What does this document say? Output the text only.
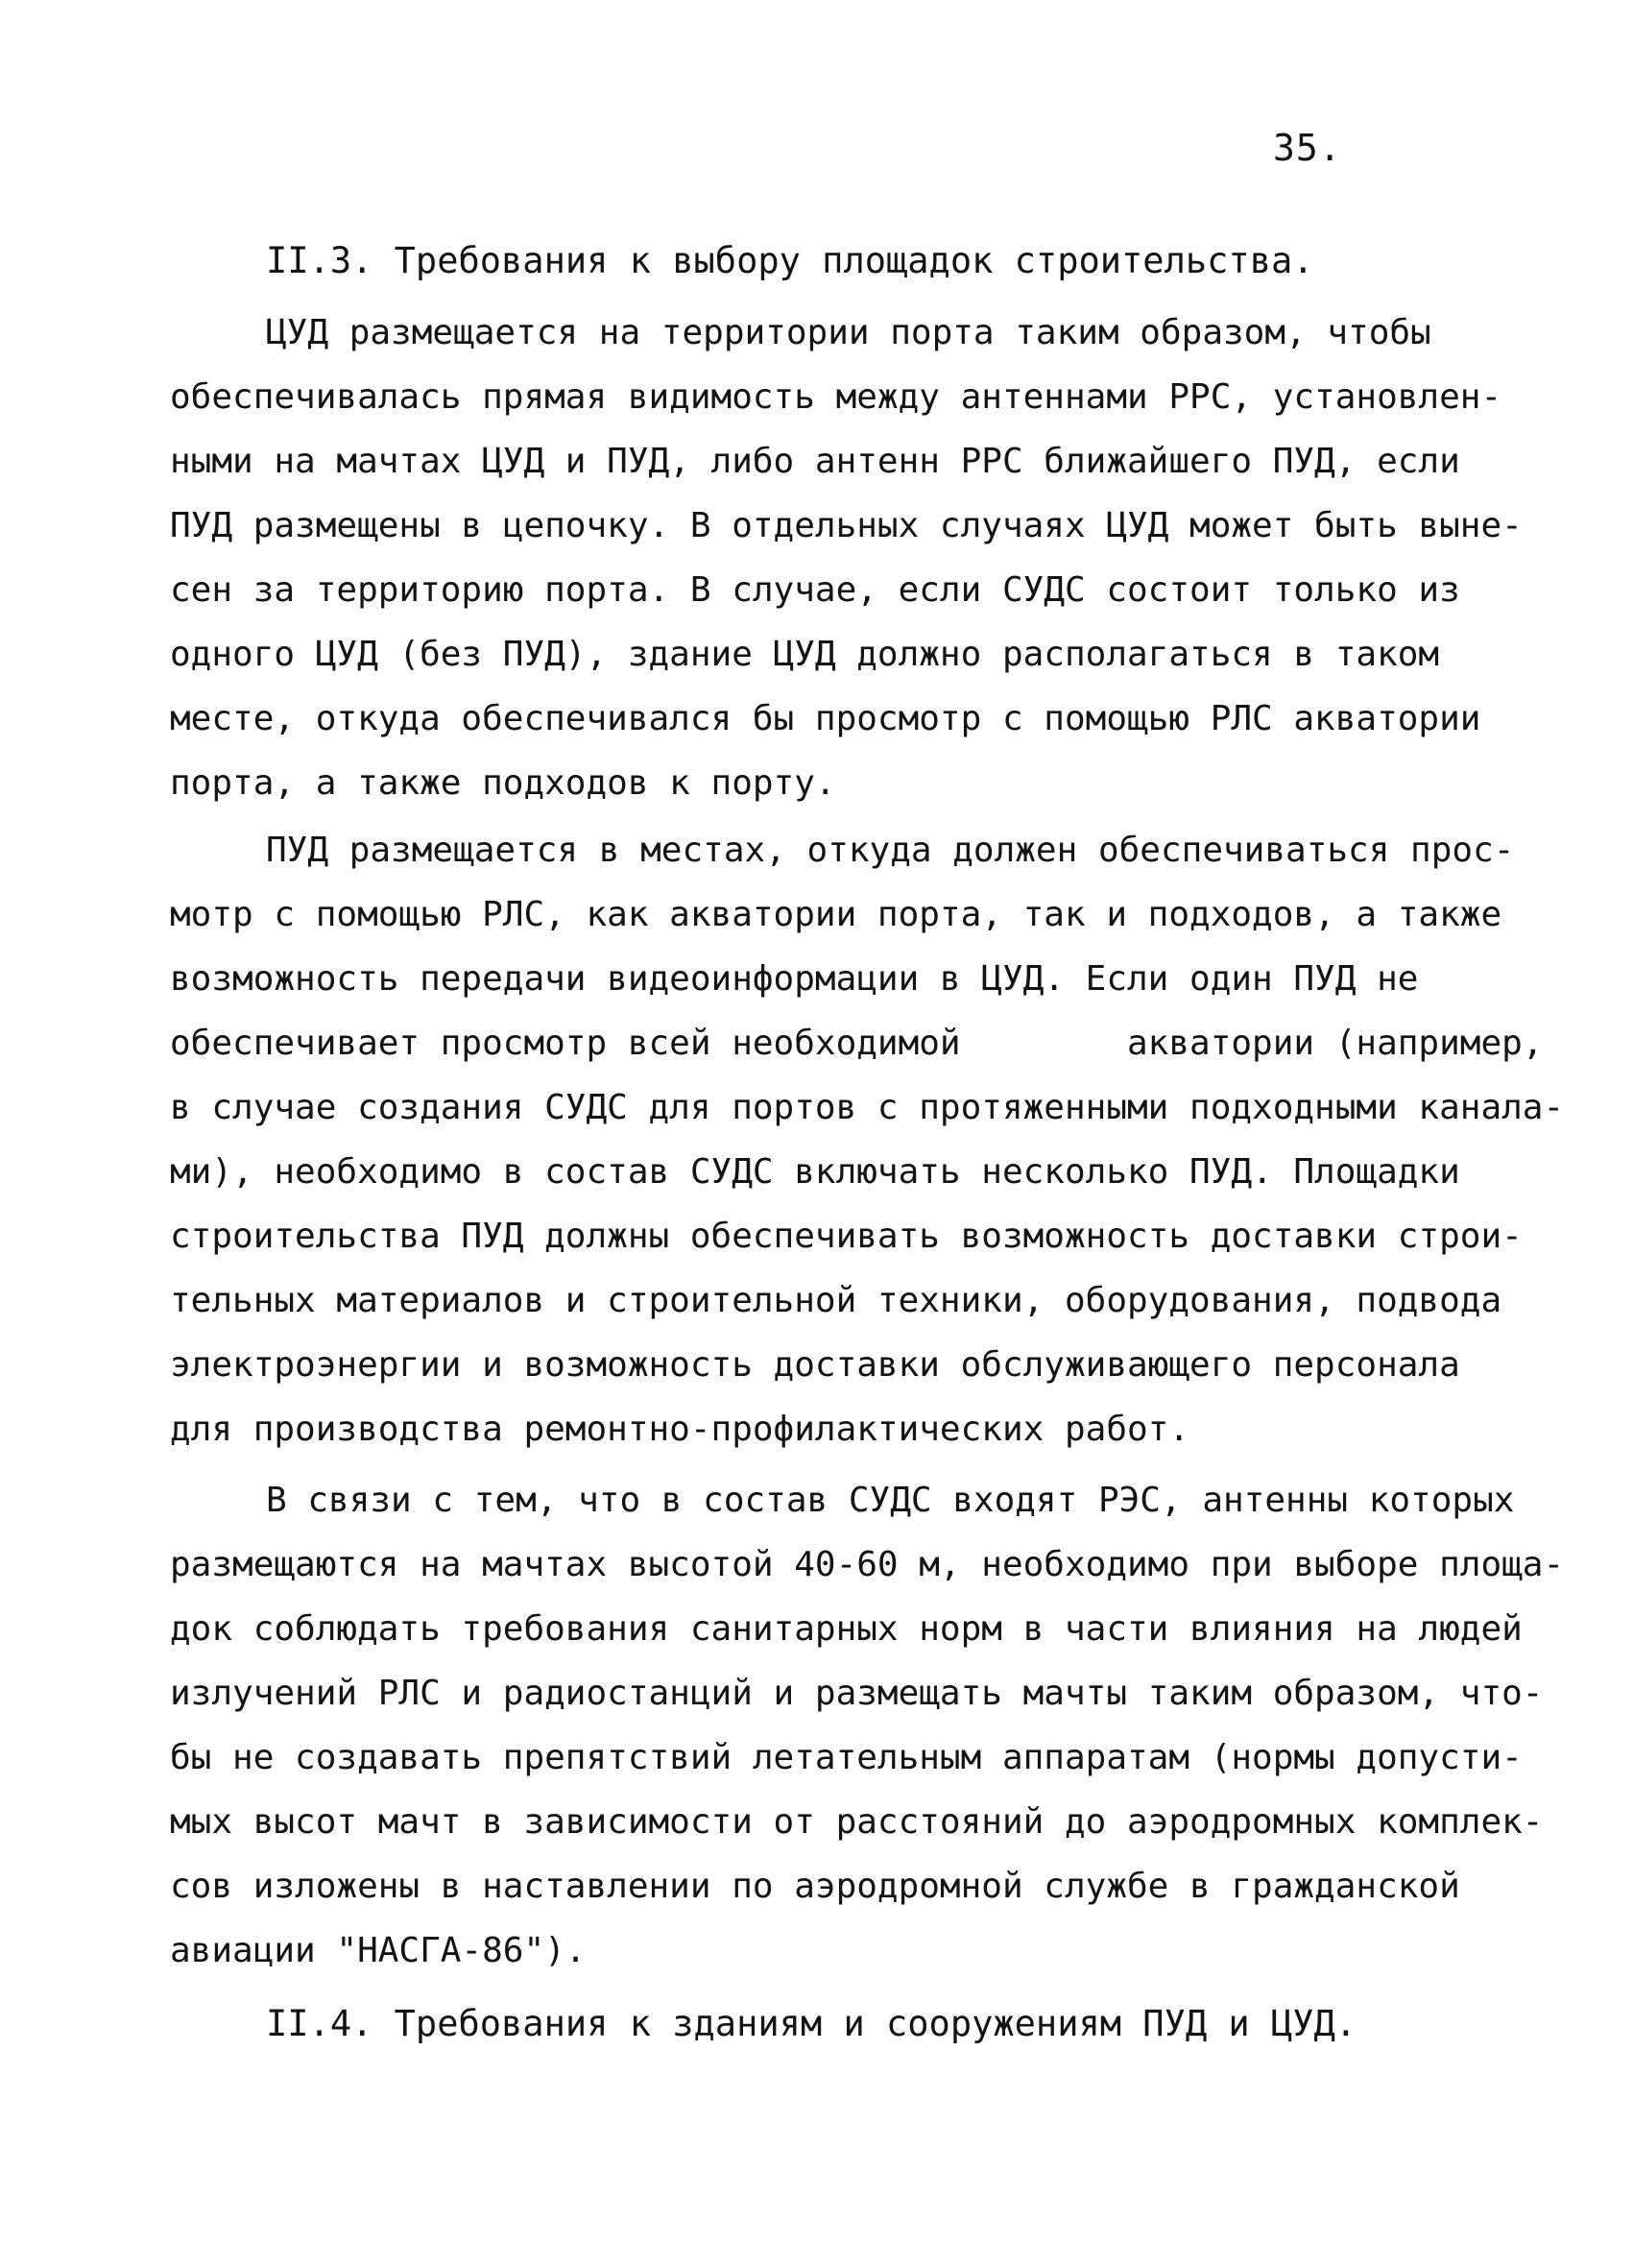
35.
II.3. Требования к выбору площадок строительства.
ЦУД размещается на территории порта таким образом, чтобы
обеспечивалась прямая видимость между антеннами РРС, установлен-
ными на мачтах ЦУД и ПУД, либо антенн РРС ближайшего ПУД, если
ПУД размещены в цепочку. В отдельных случаях ЦУД может быть выне-
сен за территорию порта. В случае, если СУДС состоит только из
одного ЦУД (без ПУД), здание ЦУД должно располагаться в таком
месте, откуда обеспечивался бы просмотр с помощью РЛС акватории
порта, а также подходов к порту.
ПУД размещается в местах, откуда должен обеспечиваться прос-
мотр с помощью РЛС, как акватории порта, так и подходов, а также
возможность передачи видеоинформации в ЦУД. Если один ПУД не
обеспечивает просмотр всей необходимой        акватории (например,
в случае создания СУДС для портов с протяженными подходными канала-
ми), необходимо в состав СУДС включать несколько ПУД. Площадки
строительства ПУД должны обеспечивать возможность доставки строи-
тельных материалов и строительной техники, оборудования, подвода
электроэнергии и возможность доставки обслуживающего персонала
для производства ремонтно-профилактических работ.
В связи с тем, что в состав СУДС входят РЭС, антенны которых
размещаются на мачтах высотой 40-60 м, необходимо при выборе площа-
док соблюдать требования санитарных норм в части влияния на людей
излучений РЛС и радиостанций и размещать мачты таким образом, что-
бы не создавать препятствий летательным аппаратам (нормы допусти-
мых высот мачт в зависимости от расстояний до аэродромных комплек-
сов изложены в наставлении по аэродромной службе в гражданской
авиации "НАСГА-86").
II.4. Требования к зданиям и сооружениям ПУД и ЦУД.
